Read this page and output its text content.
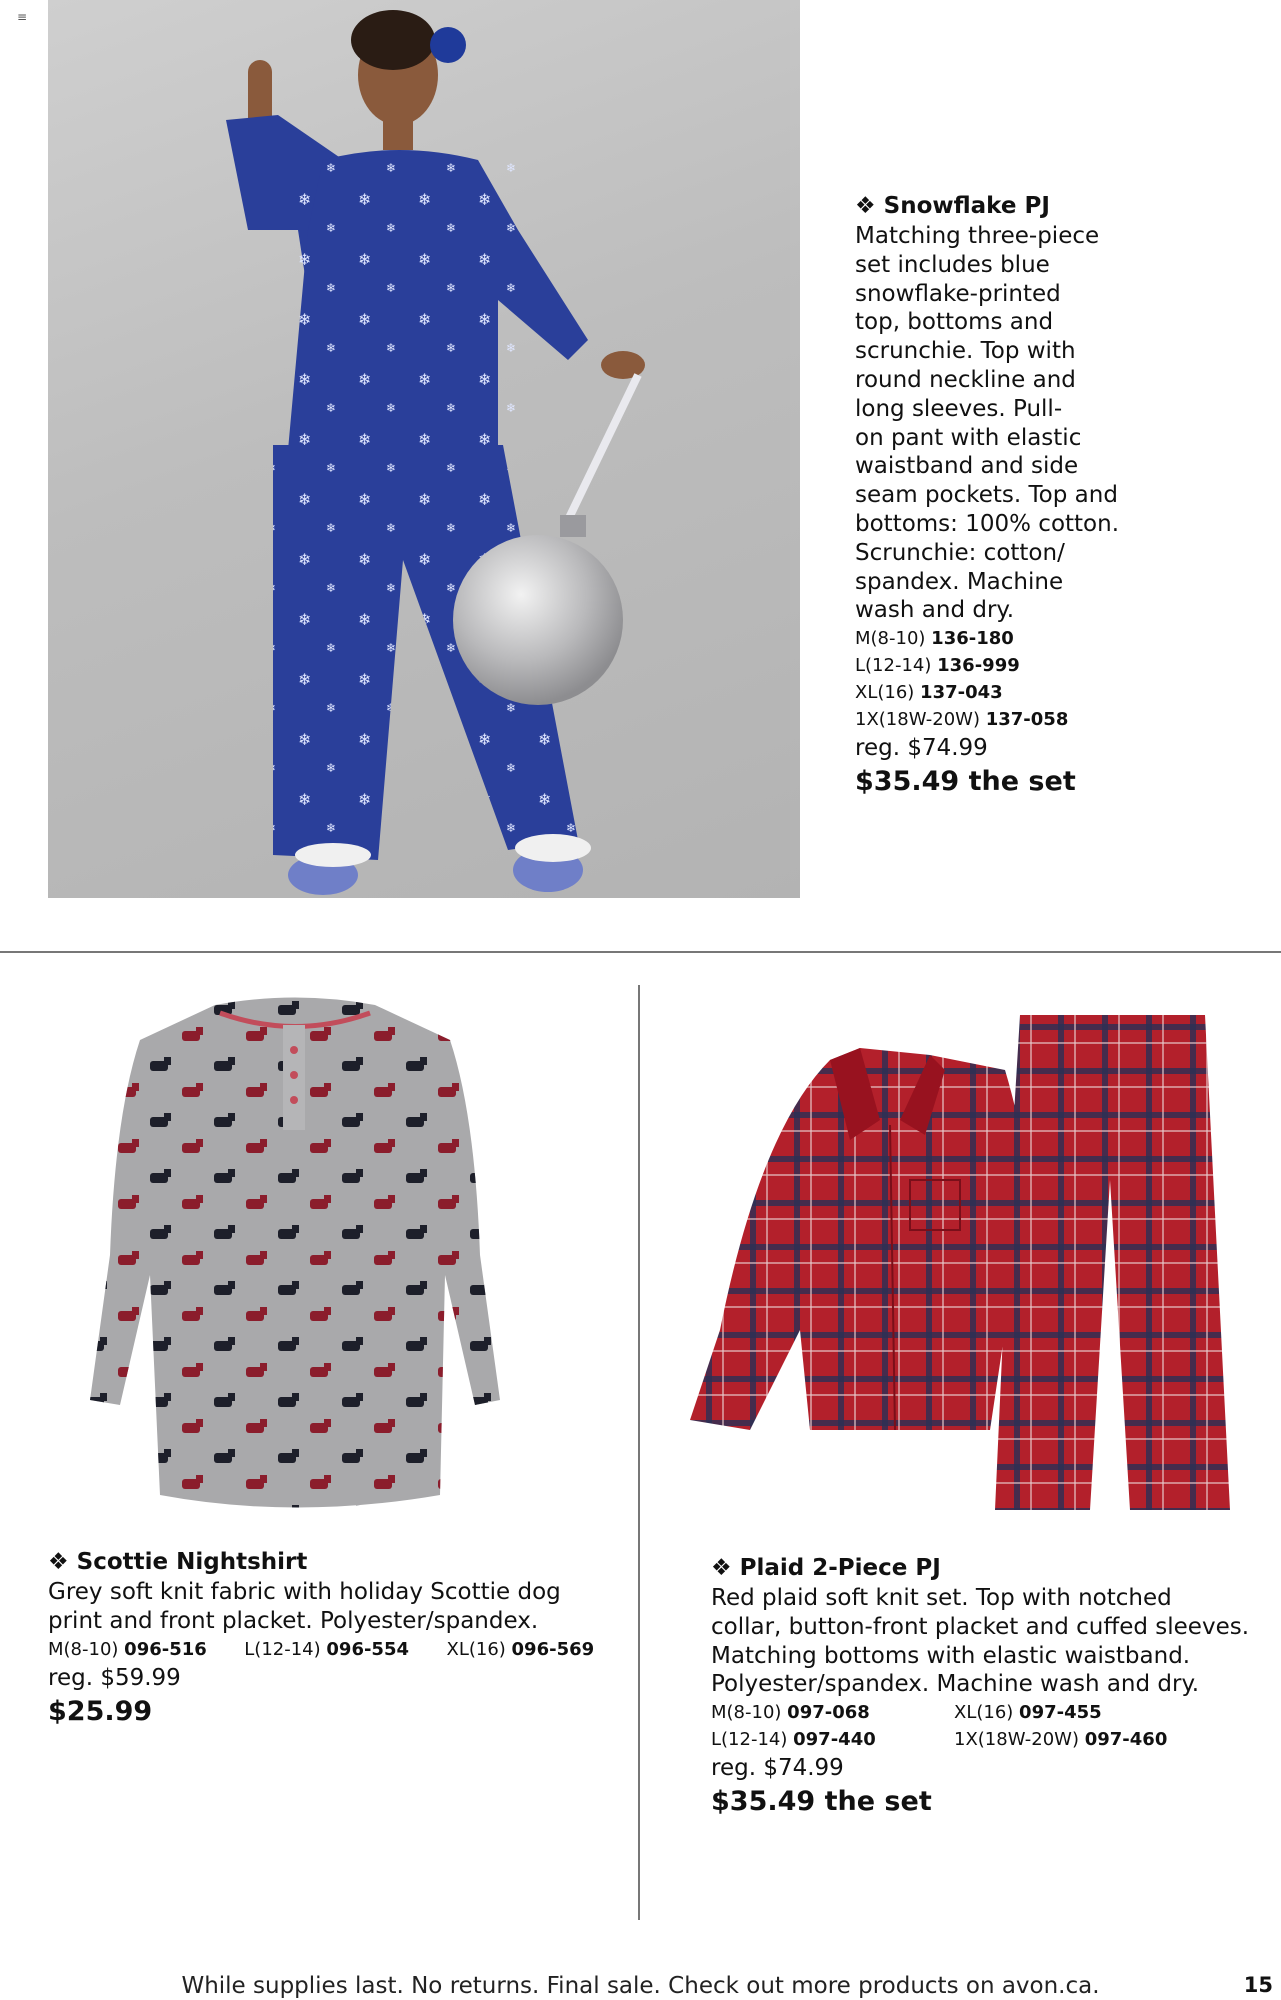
≡
❖ Snowflake PJ

Matching three-piece

set includes blue

snowflake-printed

top, bottoms and

scrunchie. Top with

round neckline and

long sleeves. Pull-

on pant with elastic

waistband and side

seam pockets. Top and

bottoms: 100% cotton.

Scrunchie: cotton/

spandex. Machine

wash and dry.

M(8-10) 136-180
L(12-14) 136-999
XL(16) 137-043
1X(18W-20W) 137-058
reg. $74.99
$35.49 the set
❖ Scottie Nightshirt

Grey soft knit fabric with holiday Scottie dog

print and front placket. Polyester/spandex.

M(8-10) 096-516 L(12-14) 096-554 XL(16) 096-569
reg. $59.99
$25.99
❖ Plaid 2-Piece PJ

Red plaid soft knit set. Top with notched

collar, button-front placket and cuffed sleeves.

Matching bottoms with elastic waistband.

Polyester/spandex. Machine wash and dry.

M(8-10) 097-068	XL(16) 097-455
L(12-14) 097-440	1X(18W-20W) 097-460
reg. $74.99
$35.49 the set
While supplies last. No returns. Final sale. Check out more products on avon.ca.	15
